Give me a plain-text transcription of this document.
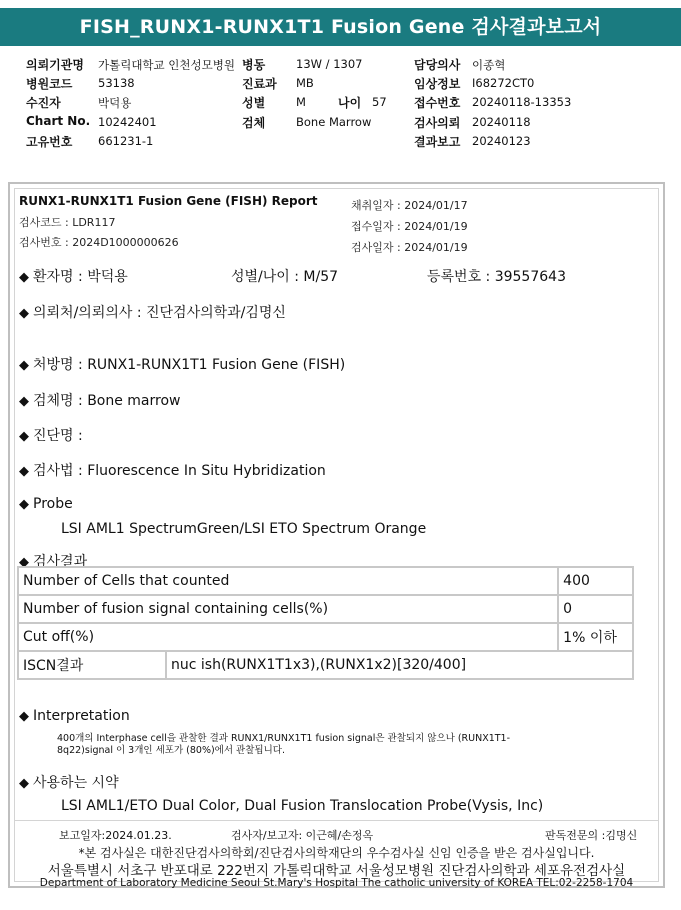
FISH_RUNX1-RUNX1T1 Fusion Gene 검사결과보고서
의뢰기관명 가톨릭대학교 인천성모병원 병동	13W / 1307	담당의사 이종혁
병원코드 53138	진료과 MB	임상정보 I68272CT0
수진자	박덕용	성별	M	나이 57 접수번호 20240118-13353
Chart No. 10242401	검체	Bone Marrow	검사의뢰 20240118
고유번호 661231-1	결과보고 20240123
RUNX1-RUNX1T1 Fusion Gene (FISH) Report
검사코드 : LDR117
검사번호 : 2024D1000000626
채취일자 : 2024/01/17
접수일자 : 2024/01/19
검사일자 : 2024/01/19
◆ 환자명 : 박덕용	성별/나이 : M/57	등록번호 : 39557643
◆ 의뢰처/의뢰의사 : 진단검사의학과/김명신
◆ 처방명 : RUNX1-RUNX1T1 Fusion Gene (FISH)
◆ 검체명 : Bone marrow
◆ 진단명 :
◆ 검사법 : Fluorescence In Situ Hybridization
◆ Probe
LSI AML1 SpectrumGreen/LSI ETO Spectrum Orange
◆ 검사결과
Number of Cells that counted		400
Number of fusion signal containing cells(%)		0
Cut off(%)		1% 이하
ISCN결과	nuc ish(RUNX1T1x3),(RUNX1x2)[320/400]	
◆ Interpretation
400개의 Interphase cell을 관찰한 결과 RUNX1/RUNX1T1 fusion signal은 관찰되지 않으나 (RUNX1T1-8q22)signal 이 3개인 세포가 (80%)에서 관찰됩니다.
◆ 사용하는 시약
LSI AML1/ETO Dual Color, Dual Fusion Translocation Probe(Vysis, Inc)
보고일자:2024.01.23.	검사자/보고자: 이근혜/손정옥	판독전문의 :김명신
*본 검사실은 대한진단검사의학회/진단검사의학재단의 우수검사실 신임 인증을 받은 검사실입니다.
서울특별시 서초구 반포대로 222번지 가톨릭대학교 서울성모병원 진단검사의학과 세포유전검사실
Department of Laboratory Medicine Seoul St.Mary's Hospital The catholic university of KOREA TEL:02-2258-1704
